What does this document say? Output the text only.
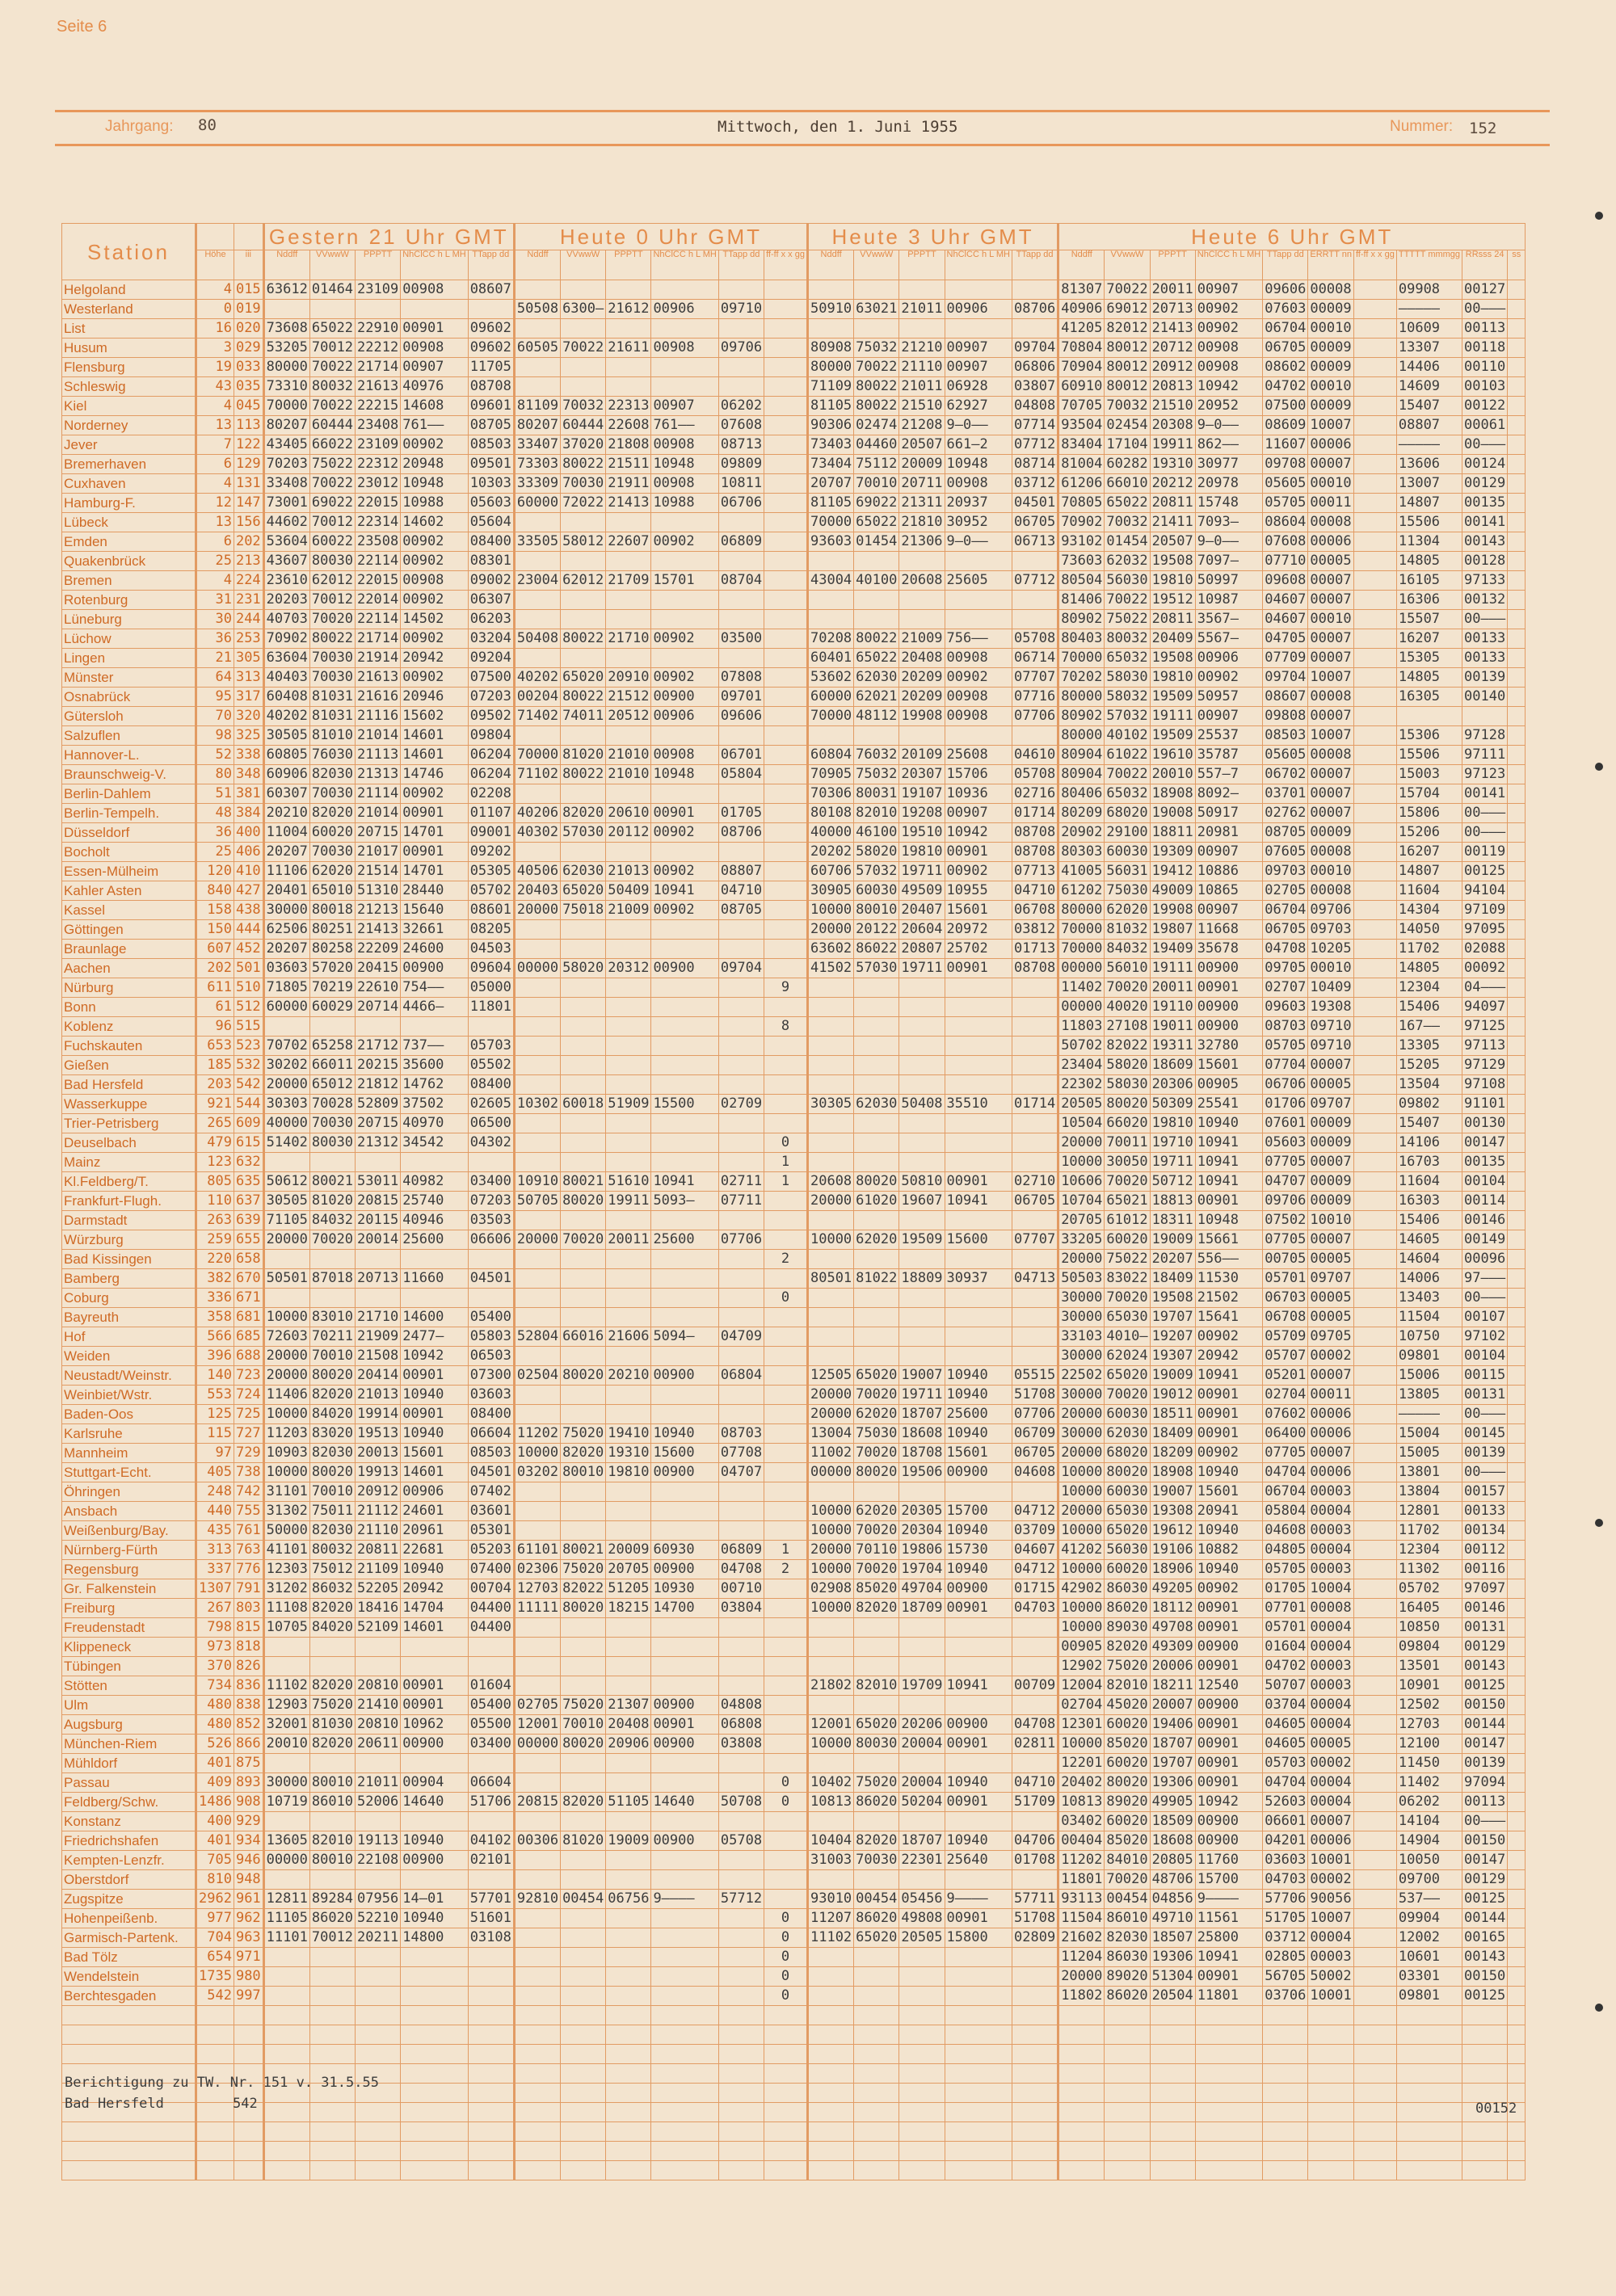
Seite 6
Jahrgang: 80	Mittwoch, den 1. Juni 1955	Nummer: 152
Station			Gestern 21 Uhr GMT					Heute 0 Uhr GMT						Heute 3 Uhr GMT					Heute 6 Uhr GMT									
	Höhe	iii	Nddff	VVwwW	PPPTT	NhClCC h L MH	TTapp dd	Nddff	VVwwW	PPPTT	NhClCC h L MH	TTapp dd	ff-ff x x gg	Nddff	VVwwW	PPPTT	NhClCC h L MH	TTapp dd	Nddff	VVwwW	PPPTT	NhClCC h L MH	TTapp dd	ERRTT nn	ff-ff x x gg	TTTTT mmmgg	RRsss 24	ss
Helgoland	4	015	63612	01464	23109	00908	08607												81307	70022	20011	00907	09606	00008		09908	00127	
Westerland	0	019						50508	6300–	21612	00906	09710		50910	63021	21011	00906	08706	40906	69012	20713	00902	07603	00009		–––––	00–––	
List	16	020	73608	65022	22910	00901	09602												41205	82012	21413	00902	06704	00010		10609	00113	
Husum	3	029	53205	70012	22212	00908	09602	60505	70022	21611	00908	09706		80908	75032	21210	00907	09704	70804	80012	20712	00908	06705	00009		13307	00118	
Flensburg	19	033	80000	70022	21714	00907	11705							80000	70022	21110	00907	06806	70904	80012	20912	00908	08602	00009		14406	00110	
Schleswig	43	035	73310	80032	21613	40976	08708							71109	80022	21011	06928	03807	60910	80012	20813	10942	04702	00010		14609	00103	
Kiel	4	045	70000	70022	22215	14608	09601	81109	70032	22313	00907	06202		81105	80022	21510	62927	04808	70705	70032	21510	20952	07500	00009		15407	00122	
Norderney	13	113	80207	60444	23408	761––	08705	80207	60444	22608	761––	07608		90306	02474	21208	9–0––	07714	93504	02454	20308	9–0––	08609	10007		08807	00061	
Jever	7	122	43405	66022	23109	00902	08503	33407	37020	21808	00908	08713		73403	04460	20507	661–2	07712	83404	17104	19911	862––	11607	00006		–––––	00–––	
Bremerhaven	6	129	70203	75022	22312	20948	09501	73303	80022	21511	10948	09809		73404	75112	20009	10948	08714	81004	60282	19310	30977	09708	00007		13606	00124	
Cuxhaven	4	131	33408	70022	23012	10948	10303	33309	70030	21911	00908	10811		20707	70010	20711	00908	03712	61206	66010	20212	20978	05605	00010		13007	00129	
Hamburg-F.	12	147	73001	69022	22015	10988	05603	60000	72022	21413	10988	06706		81105	69022	21311	20937	04501	70805	65022	20811	15748	05705	00011		14807	00135	
Lübeck	13	156	44602	70012	22314	14602	05604							70000	65022	21810	30952	06705	70902	70032	21411	7093–	08604	00008		15506	00141	
Emden	6	202	53604	60022	23508	00902	08400	33505	58012	22607	00902	06809		93603	01454	21306	9–0––	06713	93102	01454	20507	9–0––	07608	00006		11304	00143	
Quakenbrück	25	213	43607	80030	22114	00902	08301												73603	62032	19508	7097–	07710	00005		14805	00128	
Bremen	4	224	23610	62012	22015	00908	09002	23004	62012	21709	15701	08704		43004	40100	20608	25605	07712	80504	56030	19810	50997	09608	00007		16105	97133	
Rotenburg	31	231	20203	70012	22014	00902	06307												81406	70022	19512	10987	04607	00007		16306	00132	
Lüneburg	30	244	40703	70020	22114	14502	06203												80902	75022	20811	3567–	04607	00010		15507	00–––	
Lüchow	36	253	70902	80022	21714	00902	03204	50408	80022	21710	00902	03500		70208	80022	21009	756––	05708	80403	80032	20409	5567–	04705	00007		16207	00133	
Lingen	21	305	63604	70030	21914	20942	09204							60401	65022	20408	00908	06714	70000	65032	19508	00906	07709	00007		15305	00133	
Münster	64	313	40403	70030	21613	00902	07500	40202	65020	20910	00902	07808		53602	62030	20209	00902	07707	70202	58030	19810	00902	09704	10007		14805	00139	
Osnabrück	95	317	60408	81031	21616	20946	07203	00204	80022	21512	00900	09701		60000	62021	20209	00908	07716	80000	58032	19509	50957	08607	00008		16305	00140	
Gütersloh	70	320	40202	81031	21116	15602	09502	71402	74011	20512	00906	09606		70000	48112	19908	00908	07706	80902	57032	19111	00907	09808	00007				
Salzuflen	98	325	30505	81010	21014	14601	09804												80000	40102	19509	25537	08503	10007		15306	97128	
Hannover-L.	52	338	60805	76030	21113	14601	06204	70000	81020	21010	00908	06701		60804	76032	20109	25608	04610	80904	61022	19610	35787	05605	00008		15506	97111	
Braunschweig-V.	80	348	60906	82030	21313	14746	06204	71102	80022	21010	10948	05804		70905	75032	20307	15706	05708	80904	70022	20010	557–7	06702	00007		15003	97123	
Berlin-Dahlem	51	381	60307	70030	21114	00902	02208							70306	80031	19107	10936	02716	80406	65032	18908	8092–	03701	00007		15704	00141	
Berlin-Tempelh.	48	384	20210	82020	21014	00901	01107	40206	82020	20610	00901	01705		80108	82010	19208	00907	01714	80209	68020	19008	50917	02762	00007		15806	00–––	
Düsseldorf	36	400	11004	60020	20715	14701	09001	40302	57030	20112	00902	08706		40000	46100	19510	10942	08708	20902	29100	18811	20981	08705	00009		15206	00–––	
Bocholt	25	406	20207	70030	21017	00901	09202							20202	58020	19810	00901	08708	80303	60030	19309	00907	07605	00008		16207	00119	
Essen-Mülheim	120	410	11106	62020	21514	14701	05305	40506	62030	21013	00902	08807		60706	57032	19711	00902	07713	41005	56031	19412	10886	09703	00010		14807	00125	
Kahler Asten	840	427	20401	65010	51310	28440	05702	20403	65020	50409	10941	04710		30905	60030	49509	10955	04710	61202	75030	49009	10865	02705	00008		11604	94104	
Kassel	158	438	30000	80018	21213	15640	08601	20000	75018	21009	00902	08705		10000	80010	20407	15601	06708	80000	62020	19908	00907	06704	09706		14304	97109	
Göttingen	150	444	62506	80251	21413	32661	08205							20000	20122	20604	20972	03812	70000	81032	19807	11668	06705	09703		14050	97095	
Braunlage	607	452	20207	80258	22209	24600	04503							63602	86022	20807	25702	01713	70000	84032	19409	35678	04708	10205		11702	02088	
Aachen	202	501	03603	57020	20415	00900	09604	00000	58020	20312	00900	09704		41502	57030	19711	00901	08708	00000	56010	19111	00900	09705	00010		14805	00092	
Nürburg	611	510	71805	70219	22610	754––	05000						9						11402	70020	20011	00901	02707	10409		12304	04–––	
Bonn	61	512	60000	60029	20714	4466–	11801												00000	40020	19110	00900	09603	19308		15406	94097	
Koblenz	96	515											8						11803	27108	19011	00900	08703	09710		167––	97125	
Fuchskauten	653	523	70702	65258	21712	737––	05703												50702	82022	19311	32780	05705	09710		13305	97113	
Gießen	185	532	30202	66011	20215	35600	05502												23404	58020	18609	15601	07704	00007		15205	97129	
Bad Hersfeld	203	542	20000	65012	21812	14762	08400												22302	58030	20306	00905	06706	00005		13504	97108	
Wasserkuppe	921	544	30303	70028	52809	37502	02605	10302	60018	51909	15500	02709		30305	62030	50408	35510	01714	20505	80020	50309	25541	01706	09707		09802	91101	
Trier-Petrisberg	265	609	40000	70030	20715	40970	06500												10504	66020	19810	10940	07601	00009		15407	00130	
Deuselbach	479	615	51402	80030	21312	34542	04302						0						20000	70011	19710	10941	05603	00009		14106	00147	
Mainz	123	632											1						10000	30050	19711	10941	07705	00007		16703	00135	
Kl.Feldberg/T.	805	635	50612	80021	53011	40982	03400	10910	80021	51610	10941	02711	1	20608	80020	50810	00901	02710	10606	70020	50712	10941	04707	00009		11604	00104	
Frankfurt-Flugh.	110	637	30505	81020	20815	25740	07203	50705	80020	19911	5093–	07711		20000	61020	19607	10941	06705	10704	65021	18813	00901	09706	00009		16303	00114	
Darmstadt	263	639	71105	84032	20115	40946	03503												20705	61012	18311	10948	07502	10010		15406	00146	
Würzburg	259	655	20000	70020	20014	25600	06606	20000	70020	20011	25600	07706		10000	62020	19509	15600	07707	33205	60020	19009	15661	07705	00007		14605	00149	
Bad Kissingen	220	658											2						20000	75022	20207	556––	00705	00005		14604	00096	
Bamberg	382	670	50501	87018	20713	11660	04501							80501	81022	18809	30937	04713	50503	83022	18409	11530	05701	09707		14006	97–––	
Coburg	336	671											0						30000	70020	19508	21502	06703	00005		13403	00–––	
Bayreuth	358	681	10000	83010	21710	14600	05400												30000	65030	19707	15641	06708	00005		11504	00107	
Hof	566	685	72603	70211	21909	2477–	05803	52804	66016	21606	5094–	04709							33103	4010–	19207	00902	05709	09705		10750	97102	
Weiden	396	688	20000	70010	21508	10942	06503												30000	62024	19307	20942	05707	00002		09801	00104	
Neustadt/Weinstr.	140	723	20000	80020	20414	00901	07300	02504	80020	20210	00900	06804		12505	65020	19007	10940	05515	22502	65020	19009	10941	05201	00007		15006	00115	
Weinbiet/Wstr.	553	724	11406	82020	21013	10940	03603							20000	70020	19711	10940	51708	30000	70020	19012	00901	02704	00011		13805	00131	
Baden-Oos	125	725	10000	84020	19914	00901	08400							20000	62020	18707	25600	07706	20000	60030	18511	00901	07602	00006		–––––	00–––	
Karlsruhe	115	727	11203	83020	19513	10940	06604	11202	75020	19410	10940	08703		13004	75030	18608	10940	06709	30000	62030	18409	00901	06400	00006		15004	00145	
Mannheim	97	729	10903	82030	20013	15601	08503	10000	82020	19310	15600	07708		11002	70020	18708	15601	06705	20000	68020	18209	00902	07705	00007		15005	00139	
Stuttgart-Echt.	405	738	10000	80020	19913	14601	04501	03202	80010	19810	00900	04707		00000	80020	19506	00900	04608	10000	80020	18908	10940	04704	00006		13801	00–––	
Öhringen	248	742	31101	70010	20912	00906	07402												10000	60030	19007	15601	06704	00003		13804	00157	
Ansbach	440	755	31302	75011	21112	24601	03601							10000	62020	20305	15700	04712	20000	65030	19308	20941	05804	00004		12801	00133	
Weißenburg/Bay.	435	761	50000	82030	21110	20961	05301							10000	70020	20304	10940	03709	10000	65020	19612	10940	04608	00003		11702	00134	
Nürnberg-Fürth	313	763	41101	80032	20811	22681	05203	61101	80021	20009	60930	06809	1	20000	70110	19806	15730	04607	41202	56030	19106	10882	04805	00004		12304	00112	
Regensburg	337	776	12303	75012	21109	10940	07400	02306	75020	20705	00900	04708	2	10000	70020	19704	10940	04712	10000	60020	18906	10940	05705	00003		11302	00116	
Gr. Falkenstein	1307	791	31202	86032	52205	20942	00704	12703	82022	51205	10930	00710		02908	85020	49704	00900	01715	42902	86030	49205	00902	01705	10004		05702	97097	
Freiburg	267	803	11108	82020	18416	14704	04400	11111	80020	18215	14700	03804		10000	82020	18709	00901	04703	10000	86020	18112	00901	07701	00008		16405	00146	
Freudenstadt	798	815	10705	84020	52109	14601	04400												10000	89030	49708	00901	05701	00004		10850	00131	
Klippeneck	973	818																	00905	82020	49309	00900	01604	00004		09804	00129	
Tübingen	370	826																	12902	75020	20006	00901	04702	00003		13501	00143	
Stötten	734	836	11102	82020	20810	00901	01604							21802	82010	19709	10941	00709	12004	82010	18211	12540	50707	00003		10901	00125	
Ulm	480	838	12903	75020	21410	00901	05400	02705	75020	21307	00900	04808							02704	45020	20007	00900	03704	00004		12502	00150	
Augsburg	480	852	32001	81030	20810	10962	05500	12001	70010	20408	00901	06808		12001	65020	20206	00900	04708	12301	60020	19406	00901	04605	00004		12703	00144	
München-Riem	526	866	20010	82020	20611	00900	03400	00000	80020	20906	00900	03808		10000	80030	20004	00901	02811	10000	85020	18707	00901	04605	00005		12100	00147	
Mühldorf	401	875																	12201	60020	19707	00901	05703	00002		11450	00139	
Passau	409	893	30000	80010	21011	00904	06604						0	10402	75020	20004	10940	04710	20402	80020	19306	00901	04704	00004		11402	97094	
Feldberg/Schw.	1486	908	10719	86010	52006	14640	51706	20815	82020	51105	14640	50708	0	10813	86020	50204	00901	51709	10813	89020	49905	10942	52603	00004		06202	00113	
Konstanz	400	929																	03402	60020	18509	00900	06601	00007		14104	00–––	
Friedrichshafen	401	934	13605	82010	19113	10940	04102	00306	81020	19009	00900	05708		10404	82020	18707	10940	04706	00404	85020	18608	00900	04201	00006		14904	00150	
Kempten-Lenzfr.	705	946	00000	80010	22108	00900	02101							31003	70030	22301	25640	01708	11202	84010	20805	11760	03603	10001		10050	00147	
Oberstdorf	810	948																	11801	70020	48706	15700	04703	00002		09700	00129	
Zugspitze	2962	961	12811	89284	07956	14–01	57701	92810	00454	06756	9––––	57712		93010	00454	05456	9––––	57711	93113	00454	04856	9––––	57706	90056		537––	00125	
Hohenpeißenb.	977	962	11105	86020	52210	10940	51601						0	11207	86020	49808	00901	51708	11504	86010	49710	11561	51705	10007		09904	00144	
Garmisch-Partenk.	704	963	11101	70012	20211	14800	03108						0	11102	65020	20505	15800	02809	21602	82030	18507	25800	03712	00004		12002	00165	
Bad Tölz	654	971											0						11204	86030	19306	10941	02805	00003		10601	00143	
Wendelstein	1735	980											0						20000	89020	51304	00901	56705	50002		03301	00150	
Berchtesgaden	542	997											0						11802	86020	20504	11801	03706	10001		09801	00125	

Berichtigung zu TW. Nr. 151 v. 31.5.55
Bad Hersfeld	542	00152
